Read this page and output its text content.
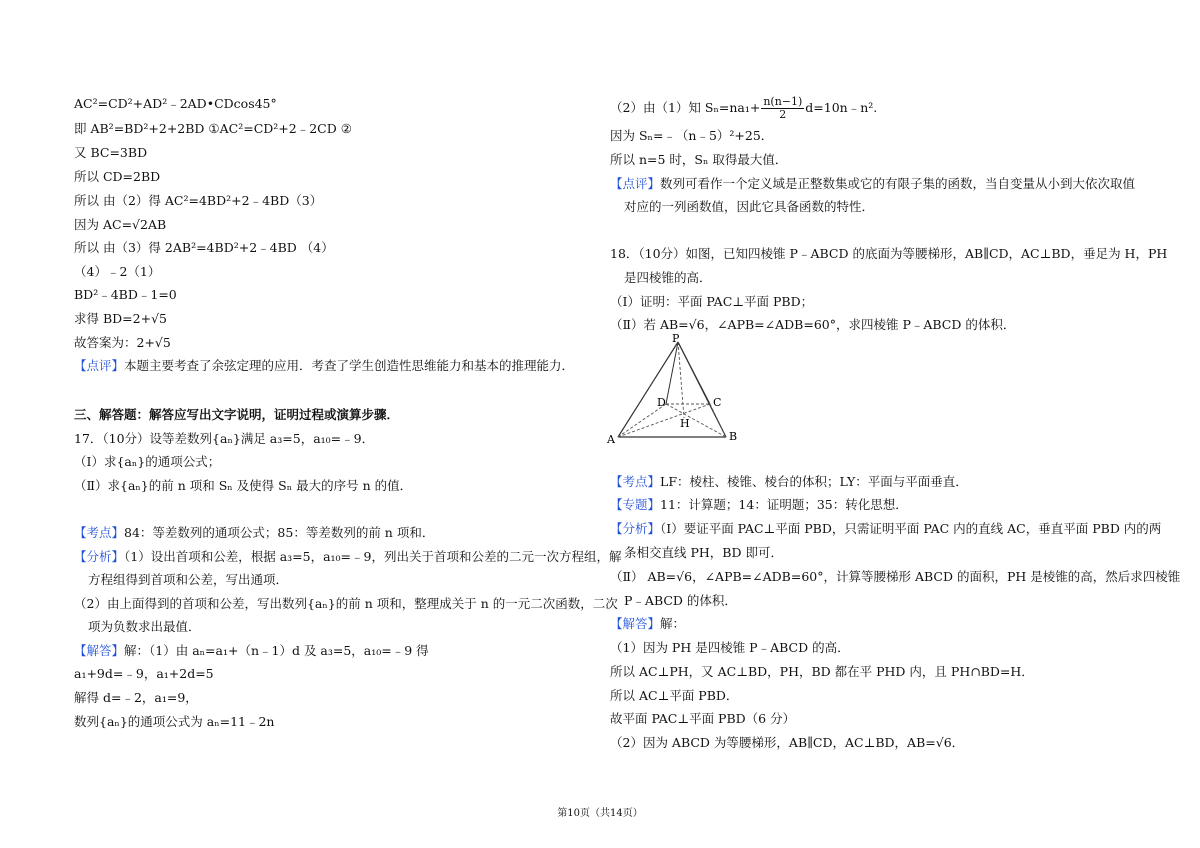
AC²=CD²+AD²﹣2AD•CDcos45°
即 AB²=BD²+2+2BD ①AC²=CD²+2﹣2CD ②
又 BC=3BD
所以 CD=2BD
所以 由（2）得 AC²=4BD²+2﹣4BD（3）
因为 AC=√2AB
所以 由（3）得 2AB²=4BD²+2﹣4BD （4）
（4）﹣2（1）
BD²﹣4BD﹣1=0
求得 BD=2+√5
故答案为：2+√5
【点评】本题主要考查了余弦定理的应用．考查了学生创造性思维能力和基本的推理能力．
三、解答题：解答应写出文字说明，证明过程或演算步骤．
17．（10分）设等差数列{aₙ}满足 a₃=5，a₁₀=﹣9．
（Ⅰ）求{aₙ}的通项公式；
（Ⅱ）求{aₙ}的前 n 项和 Sₙ 及使得 Sₙ 最大的序号 n 的值．
【考点】84：等差数列的通项公式；85：等差数列的前 n 项和．
【分析】（1）设出首项和公差，根据 a₃=5，a₁₀=﹣9，列出关于首项和公差的二元一次方程组，解
方程组得到首项和公差，写出通项．
（2）由上面得到的首项和公差，写出数列{aₙ}的前 n 项和，整理成关于 n 的一元二次函数，二次
项为负数求出最值．
【解答】解：（1）由 aₙ=a₁+（n﹣1）d 及 a₃=5，a₁₀=﹣9 得
a₁+9d=﹣9，a₁+2d=5
解得 d=﹣2，a₁=9，
数列{aₙ}的通项公式为 aₙ=11﹣2n
（2）由（1）知 $S_n=na_1+ \frac{n(n-1)}{2}$ d=10n﹣n².
因为 Sₙ=﹣（n﹣5）²+25．
所以 n=5 时，Sₙ 取得最大值．
【点评】数列可看作一个定义域是正整数集或它的有限子集的函数，当自变量从小到大依次取值
对应的一列函数值，因此它具备函数的特性．
18．（10分）如图，已知四棱锥 P﹣ABCD 的底面为等腰梯形，AB∥CD，AC⊥BD，垂足为 H，PH
是四棱锥的高．
（Ⅰ）证明：平面 PAC⊥平面 PBD；
（Ⅱ）若 AB=√6，∠APB=∠ADB=60°，求四棱锥 P﹣ABCD 的体积．
P
A	B
C
D
H
【考点】LF：棱柱、棱锥、棱台的体积；LY：平面与平面垂直．
【专题】11：计算题；14：证明题；35：转化思想．
【分析】（Ⅰ）要证平面 PAC⊥平面 PBD，只需证明平面 PAC 内的直线 AC，垂直平面 PBD 内的两
条相交直线 PH，BD 即可．
（Ⅱ） AB=√6，∠APB=∠ADB=60°，计算等腰梯形 ABCD 的面积，PH 是棱锥的高，然后求四棱锥
P﹣ABCD 的体积．
【解答】解：
（1）因为 PH 是四棱锥 P﹣ABCD 的高．
所以 AC⊥PH，又 AC⊥BD，PH，BD 都在平 PHD 内，且 PH∩BD=H．
所以 AC⊥平面 PBD．
故平面 PAC⊥平面 PBD（6 分）
（2）因为 ABCD 为等腰梯形，AB∥CD，AC⊥BD，AB=√6．
第10页（共14页）
